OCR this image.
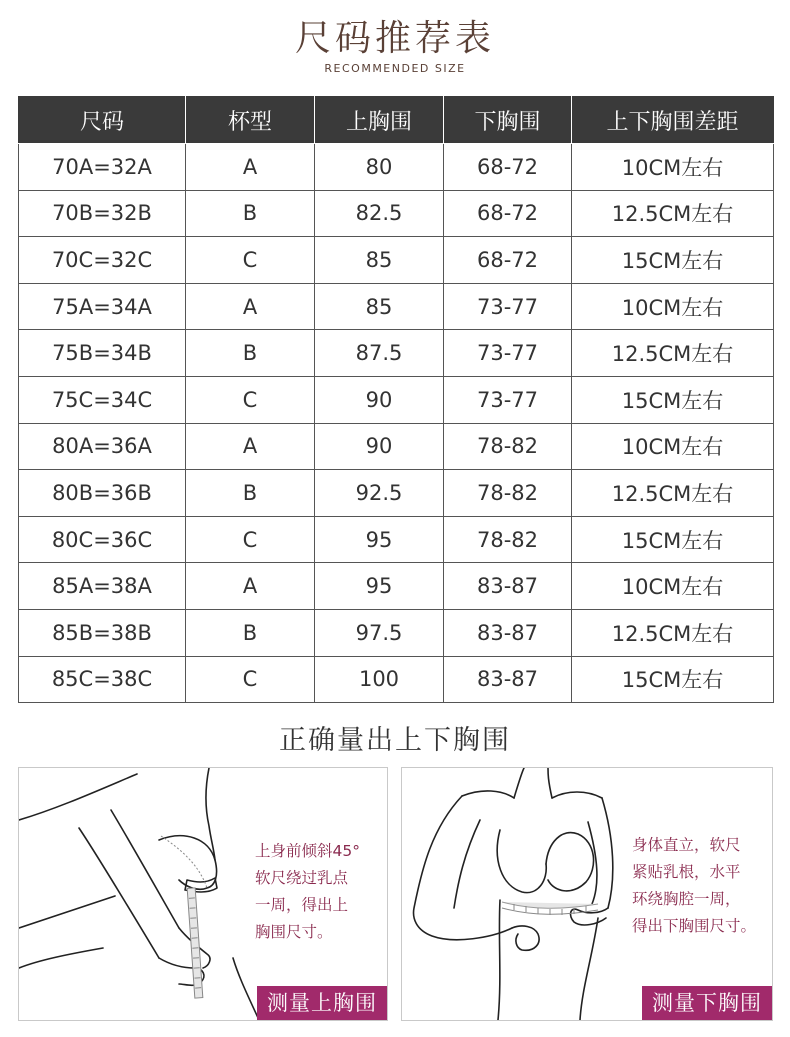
尺码推荐表
RECOMMENDED SIZE
尺码	杯型	上胸围	下胸围	上下胸围差距
70A=32A	A	80	68-72	10CM左右
70B=32B	B	82.5	68-72	12.5CM左右
70C=32C	C	85	68-72	15CM左右
75A=34A	A	85	73-77	10CM左右
75B=34B	B	87.5	73-77	12.5CM左右
75C=34C	C	90	73-77	15CM左右
80A=36A	A	90	78-82	10CM左右
80B=36B	B	92.5	78-82	12.5CM左右
80C=36C	C	95	78-82	15CM左右
85A=38A	A	95	83-87	10CM左右
85B=38B	B	97.5	83-87	12.5CM左右
85C=38C	C	100	83-87	15CM左右
正确量出上下胸围
上身前倾斜45°
软尺绕过乳点
一周，得出上
胸围尺寸。
测量上胸围
身体直立，软尺
紧贴乳根，水平
环绕胸腔一周，
得出下胸围尺寸。
测量下胸围
